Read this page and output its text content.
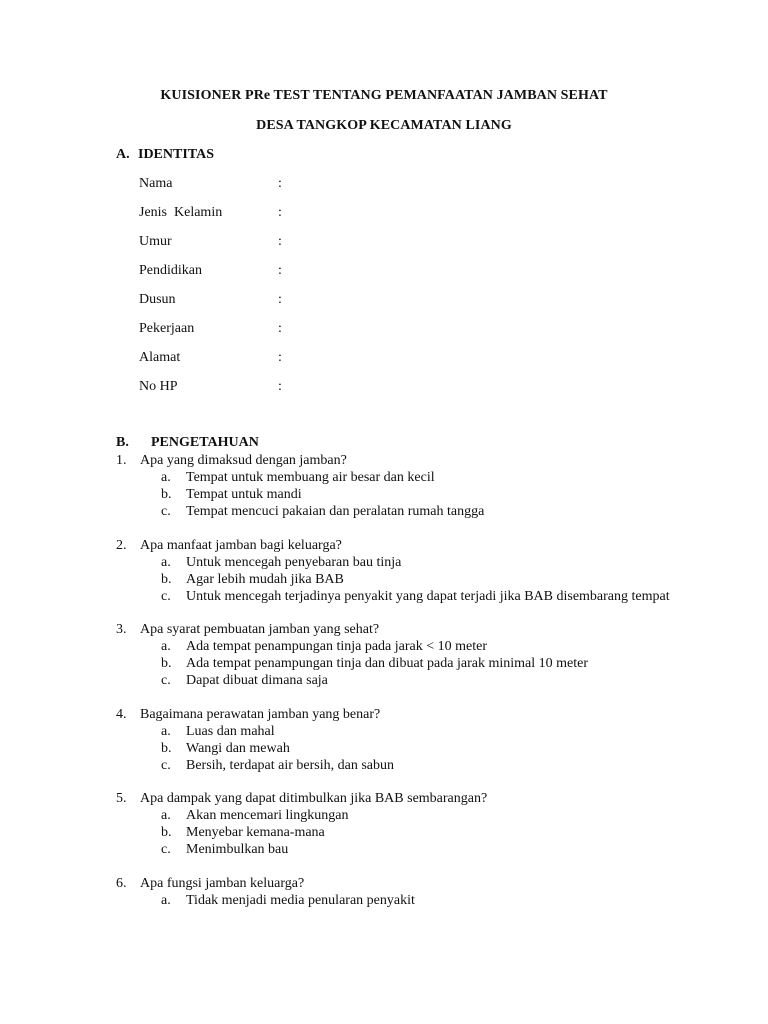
KUISIONER PRe TEST TENTANG PEMANFAATAN JAMBAN SEHAT
DESA TANGKOP KECAMATAN LIANG
A. IDENTITAS
Nama	:
Jenis  Kelamin	:
Umur	:
Pendidikan	:
Dusun	:
Pekerjaan	:
Alamat	:
No HP	:
B. PENGETAHUAN
1. Apa yang dimaksud dengan jamban?
a. Tempat untuk membuang air besar dan kecil
b. Tempat untuk mandi
c. Tempat mencuci pakaian dan peralatan rumah tangga
2. Apa manfaat jamban bagi keluarga?
a. Untuk mencegah penyebaran bau tinja
b. Agar lebih mudah jika BAB
c. Untuk mencegah terjadinya penyakit yang dapat terjadi jika BAB disembarang tempat
3. Apa syarat pembuatan jamban yang sehat?
a. Ada tempat penampungan tinja pada jarak < 10 meter
b. Ada tempat penampungan tinja dan dibuat pada jarak minimal 10 meter
c. Dapat dibuat dimana saja
4. Bagaimana perawatan jamban yang benar?
a. Luas dan mahal
b. Wangi dan mewah
c. Bersih, terdapat air bersih, dan sabun
5. Apa dampak yang dapat ditimbulkan jika BAB sembarangan?
a. Akan mencemari lingkungan
b. Menyebar kemana-mana
c. Menimbulkan bau
6. Apa fungsi jamban keluarga?
a. Tidak menjadi media penularan penyakit
